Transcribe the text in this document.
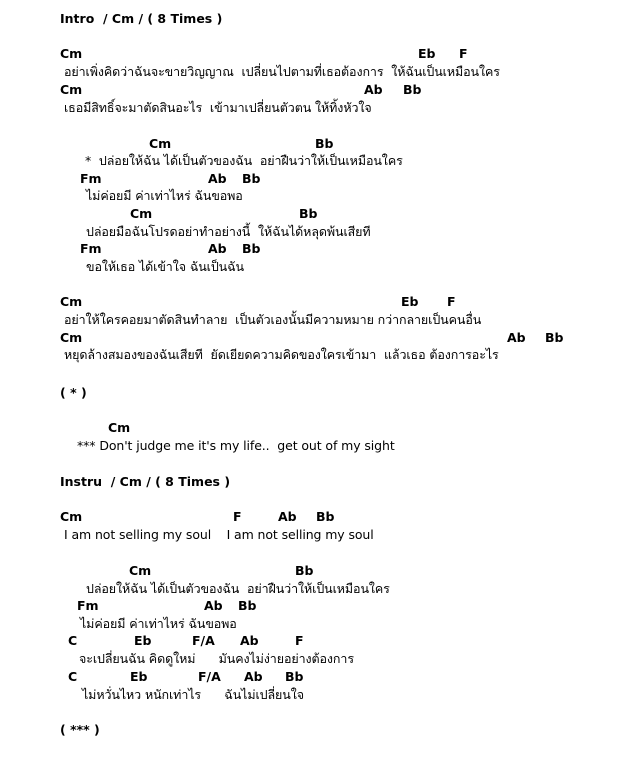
Intro  / Cm / ( 8 Times )

Cm

	Eb

F

อย่าเพิ่งคิดว่าฉันจะขายวิญญาณ  เปลี่ยนไปตามที่เธอต้องการ  ให้ฉันเป็นเหมือนใคร

Cm

	Ab

Bb

เธอมีสิทธิ์จะมาตัดสินอะไร  เข้ามาเปลี่ยนตัวตน ให้ทิ้งหัวใจ

Cm

	Bb

*  ปล่อยให้ฉัน ได้เป็นตัวของฉัน  อย่าฝืนว่าให้เป็นเหมือนใคร

Fm

	Ab

Bb

ไม่ค่อยมี ค่าเท่าไหร่ ฉันขอพอ

Cm

	Bb

ปล่อยมือฉันโปรดอย่าทำอย่างนี้  ให้ฉันได้หลุดพ้นเสียที

Fm

	Ab

Bb

ขอให้เธอ ได้เข้าใจ ฉันเป็นฉัน

Cm

	Eb

F

อย่าให้ใครคอยมาตัดสินทำลาย  เป็นตัวเองนั้นมีความหมาย กว่ากลายเป็นคนอื่น

Cm

	Ab

Bb

หยุดล้างสมองของฉันเสียที  ยัดเยียดความคิดของใครเข้ามา  แล้วเธอ ต้องการอะไร
( * )

Cm

*** Don't judge me it's my life..  get out of my sight
Instru  / Cm / ( 8 Times )

Cm

	F

	Ab

Bb

I am not selling my soul    I am not selling my soul

Cm

	Bb

ปล่อยให้ฉัน ได้เป็นตัวของฉัน  อย่าฝืนว่าให้เป็นเหมือนใคร

Fm

	Ab

Bb

ไม่ค่อยมี ค่าเท่าไหร่ ฉันขอพอ

C

	Eb

	F/A

Ab

	F

จะเปลี่ยนฉัน คิดดูใหม่      มันคงไม่ง่ายอย่างต้องการ

C

	Eb

	F/A

Ab

Bb

ไม่หวั่นไหว หนักเท่าไร      ฉันไม่เปลี่ยนใจ
( *** )
